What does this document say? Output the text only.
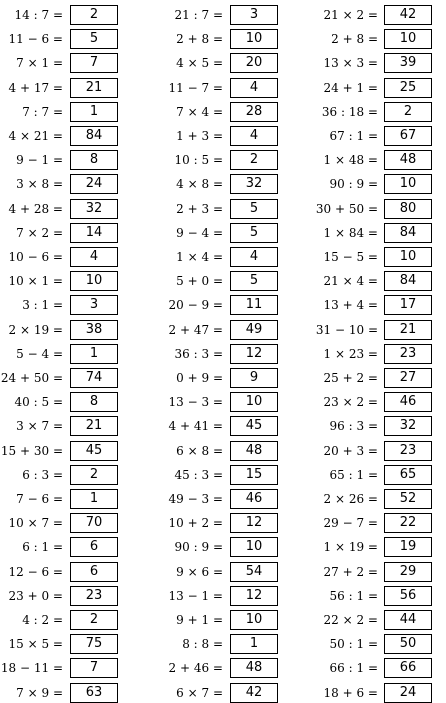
14 : 7 =	2
11 − 6 =	5
7 × 1 =	7
4 + 17 =	21
7 : 7 =	1
4 × 21 =	84
9 − 1 =	8
3 × 8 =	24
4 + 28 =	32
7 × 2 =	14
10 − 6 =	4
10 × 1 =	10
3 : 1 =	3
2 × 19 =	38
5 − 4 =	1
24 + 50 =	74
40 : 5 =	8
3 × 7 =	21
15 + 30 =	45
6 : 3 =	2
7 − 6 =	1
10 × 7 =	70
6 : 1 =	6
12 − 6 =	6
23 + 0 =	23
4 : 2 =	2
15 × 5 =	75
18 − 11 =	7
7 × 9 =	63
21 : 7 =	3
2 + 8 =	10
4 × 5 =	20
11 − 7 =	4
7 × 4 =	28
1 + 3 =	4
10 : 5 =	2
4 × 8 =	32
2 + 3 =	5
9 − 4 =	5
1 × 4 =	4
5 + 0 =	5
20 − 9 =	11
2 + 47 =	49
36 : 3 =	12
0 + 9 =	9
13 − 3 =	10
4 + 41 =	45
6 × 8 =	48
45 : 3 =	15
49 − 3 =	46
10 + 2 =	12
90 : 9 =	10
9 × 6 =	54
13 − 1 =	12
9 + 1 =	10
8 : 8 =	1
2 + 46 =	48
6 × 7 =	42
21 × 2 =	42
2 + 8 =	10
13 × 3 =	39
24 + 1 =	25
36 : 18 =	2
67 : 1 =	67
1 × 48 =	48
90 : 9 =	10
30 + 50 =	80
1 × 84 =	84
15 − 5 =	10
21 × 4 =	84
13 + 4 =	17
31 − 10 =	21
1 × 23 =	23
25 + 2 =	27
23 × 2 =	46
96 : 3 =	32
20 + 3 =	23
65 : 1 =	65
2 × 26 =	52
29 − 7 =	22
1 × 19 =	19
27 + 2 =	29
56 : 1 =	56
22 × 2 =	44
50 : 1 =	50
66 : 1 =	66
18 + 6 =	24
